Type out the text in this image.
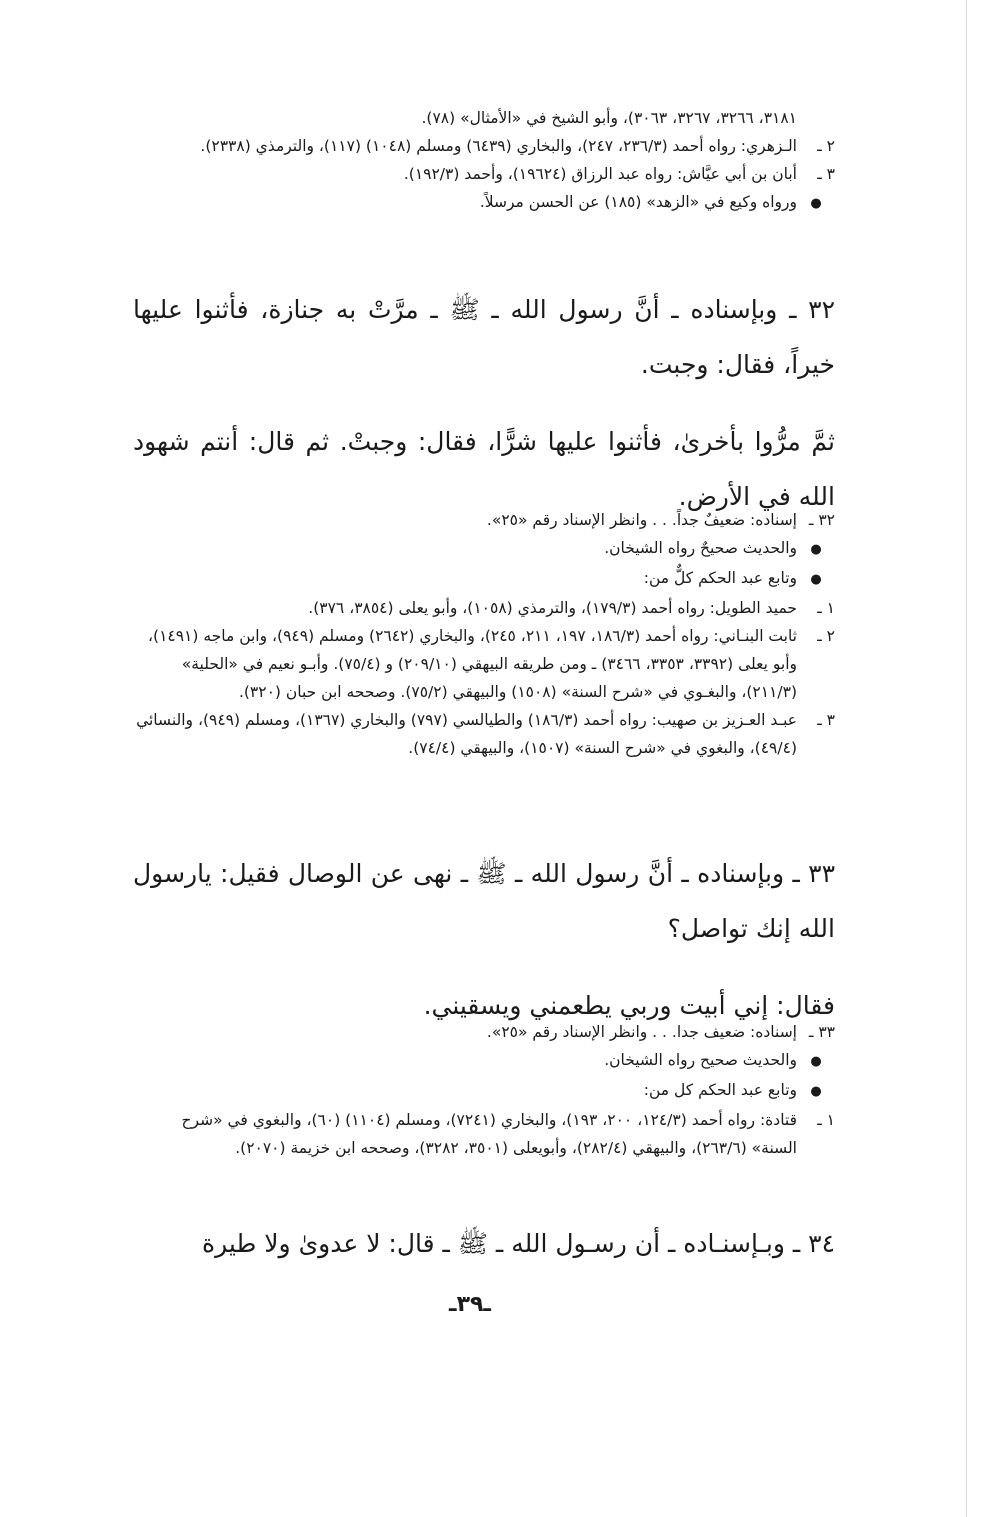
٣١٨١، ٣٢٦٦، ٣٢٦٧، ٣٠٦٣)، وأبو الشيخ في «الأمثال» (٧٨).
٢ ـ
الـزهري: رواه أحمد (٢٣٦/٣، ٢٤٧)، والبخاري (٦٤٣٩) ومسلم (١٠٤٨) (١١٧)، والترمذي (٢٣٣٨).
٣ ـ
أبان بن أبي عيَّاش: رواه عبد الرزاق (١٩٦٢٤)، وأحمد (١٩٢/٣).
●
ورواه وكيع في «الزهد» (١٨٥) عن الحسن مرسلاً.

٣٢ ـ وبإسناده ـ أنَّ رسول الله ـ ﷺ ـ مرَّتْ به جنازة، فأثنوا عليها خيراً، فقال: وجبت.

ثمَّ مرُّوا بأخرىٰ، فأثنوا عليها شرًّا، فقال: وجبتْ. ثم قال: أنتم شهود الله في الأرض.

٣٢ ـ
إسناده: ضعيفٌ جداً. . . وانظر الإسناد رقم «٢٥».
●
والحديث صحيحٌ رواه الشيخان.
●
وتابع عبد الحكم كلٌّ من:
١ ـ
حميد الطويل: رواه أحمد (١٧٩/٣)، والترمذي (١٠٥٨)، وأبو يعلى (٣٨٥٤، ٣٧٦).
٢ ـ
ثابت البنـاني: رواه أحمد (١٨٦/٣، ١٩٧، ٢١١، ٢٤٥)، والبخاري (٢٦٤٢) ومسلم (٩٤٩)، وابن ماجه (١٤٩١)، وأبو يعلى (٣٣٩٢، ٣٣٥٣، ٣٤٦٦) ـ ومن طريقه البيهقي (٢٠٩/١٠) و (٧٥/٤). وأبـو نعيم في «الحلية» (٢١١/٣)، والبغـوي في «شرح السنة» (١٥٠٨) والبيهقي (٧٥/٢). وصححه ابن حبان (٣٢٠).
٣ ـ
عبـد العـزيز بن صهيب: رواه أحمد (١٨٦/٣) والطيالسي (٧٩٧) والبخاري (١٣٦٧)، ومسلم (٩٤٩)، والنسائي (٤٩/٤)، والبغوي في «شرح السنة» (١٥٠٧)، والبيهقي (٧٤/٤).

٣٣ ـ وبإسناده ـ أنَّ رسول الله ـ ﷺ ـ نهى عن الوصال فقيل: يارسول الله إنك تواصل؟

فقال: إني أبيت وربي يطعمني ويسقيني.

٣٣ ـ
إسناده: ضعيف جدا. . . وانظر الإسناد رقم «٢٥».
●
والحديث صحيح رواه الشيخان.
●
وتابع عبد الحكم كل من:
١ ـ
قتادة: رواه أحمد (١٢٤/٣، ٢٠٠، ١٩٣)، والبخاري (٧٢٤١)، ومسلم (١١٠٤) (٦٠)، والبغوي في «شرح السنة» (٢٦٣/٦)، والبيهقي (٢٨٢/٤)، وأبويعلى (٣٥٠١، ٣٢٨٢)، وصححه ابن خزيمة (٢٠٧٠).

٣٤ ـ وبـإسنـاده ـ أن رسـول الله ـ ﷺ ـ قال: لا عدوىٰ ولا طيرة

ـ٣٩ـ
